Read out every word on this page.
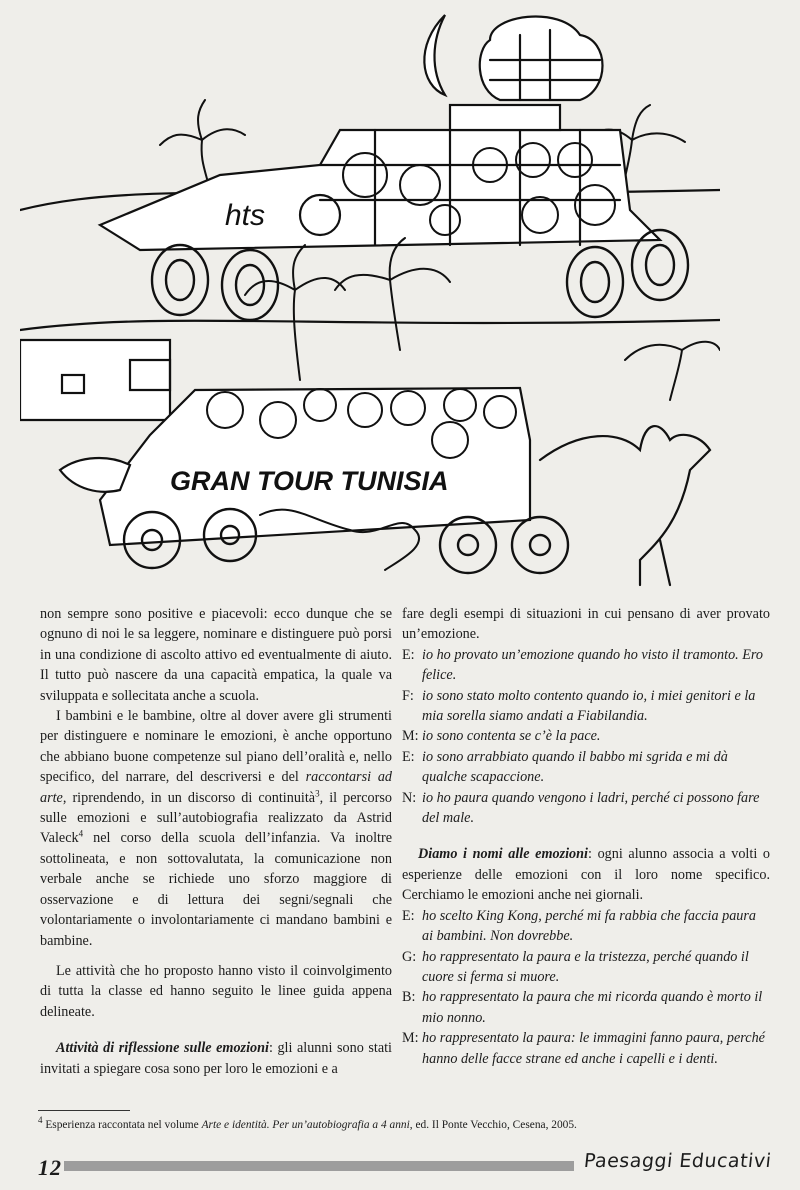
hts
GRAN TOUR TUNISIA

non sempre sono positive e piacevoli: ecco dunque che se ognuno di noi le sa leggere, nominare e distinguere può porsi in una condizione di ascolto attivo ed eventualmente di aiuto. Il tutto può nascere da una capacità empatica, la quale va sviluppata e sollecitata anche a scuola.

I bambini e le bambine, oltre al dover avere gli strumenti per distinguere e nominare le emozioni, è anche opportuno che abbiano buone competenze sul piano dell’oralità e, nello specifico, del narrare, del descriversi e del raccontarsi ad arte, riprendendo, in un discorso di continuità$^3$, il percorso sulle emozioni e sull’autobiografia realizzato da Astrid Valeck$^4$ nel corso della scuola dell’infanzia. Va inoltre sottolineata, e non sottovalutata, la comunicazione non verbale anche se richiede uno sforzo maggiore di osservazione e di lettura dei segni/segnali che volontariamente o involontariamente ci mandano bambini e bambine.

Le attività che ho proposto hanno visto il coinvolgimento di tutta la classe ed hanno seguito le linee guida appena delineate.

Attività di riflessione sulle emozioni: gli alunni sono stati invitati a spiegare cosa sono per loro le emozioni e a

fare degli esempi di situazioni in cui pensano di aver provato un’emozione.

E: io ho provato un’emozione quando ho visto il tramonto. Ero felice.
F: io sono stato molto contento quando io, i miei genitori e la mia sorella siamo andati a Fiabilandia.
M: io sono contenta se c’è la pace.
E: io sono arrabbiato quando il babbo mi sgrida e mi dà qualche scapaccione.
N: io ho paura quando vengono i ladri, perché ci possono fare del male.

Diamo i nomi alle emozioni: ogni alunno associa a volti o esperienze delle emozioni con il loro nome specifico. Cerchiamo le emozioni anche nei giornali.

E: ho scelto King Kong, perché mi fa rabbia che faccia paura ai bambini. Non dovrebbe.
G: ho rappresentato la paura e la tristezza, perché quando il cuore si ferma si muore.
B: ho rappresentato la paura che mi ricorda quando è morto il mio nonno.
M: ho rappresentato la paura: le immagini fanno paura, perché hanno delle facce strane ed anche i capelli e i denti.
$^4$ Esperienza raccontata nel volume Arte e identità. Per un’autobiografia a 4 anni, ed. Il Ponte Vecchio, Cesena, 2005.
12	Paesaggi Educativi
